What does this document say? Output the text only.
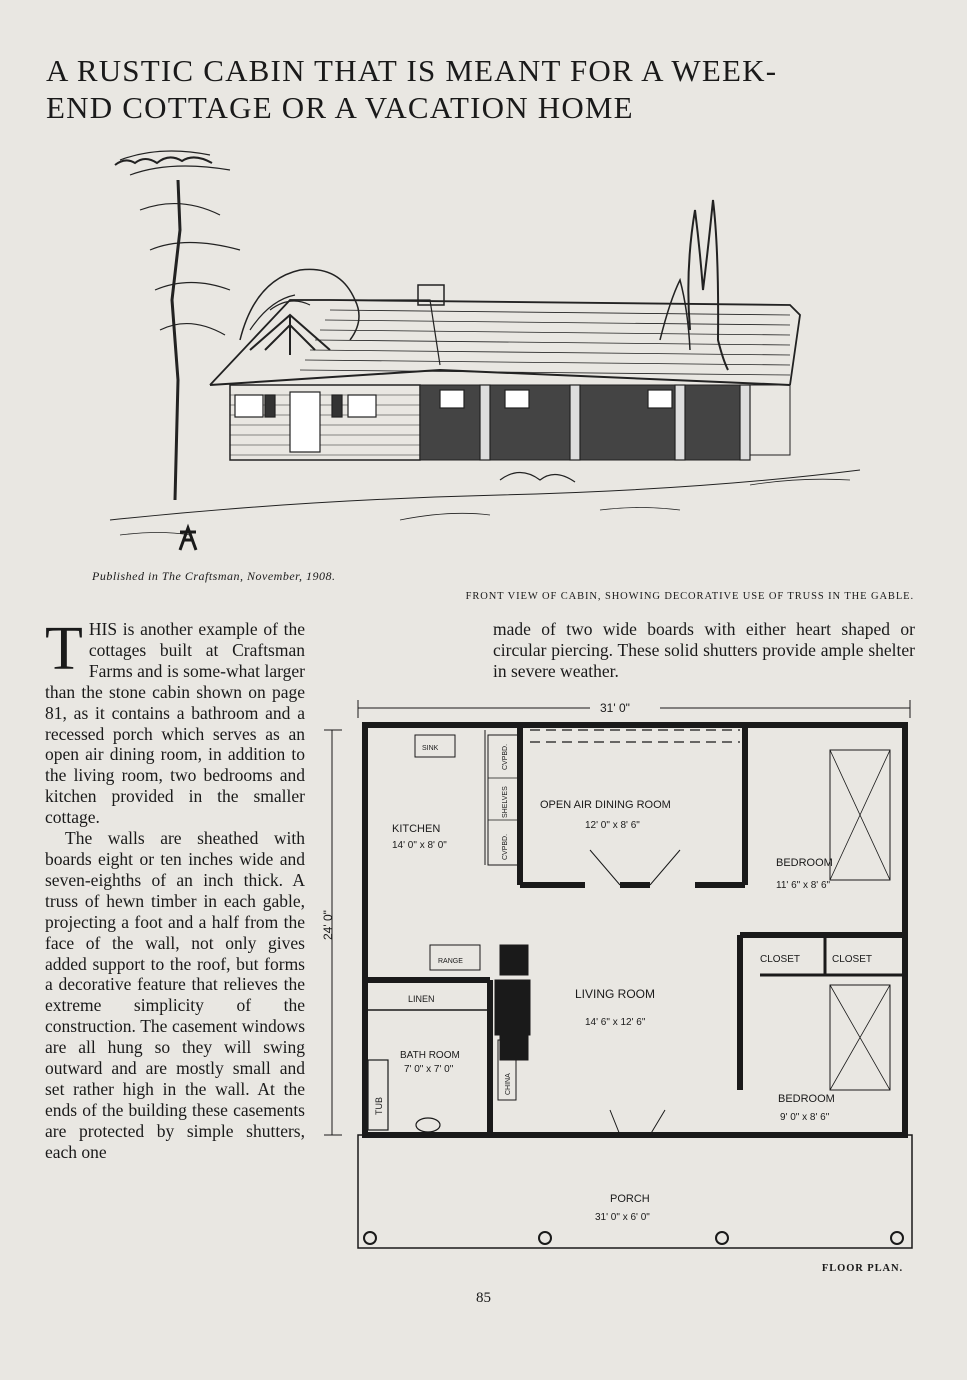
A RUSTIC CABIN THAT IS MEANT FOR A WEEK-
END COTTAGE OR A VACATION HOME
Published in The Craftsman, November, 1908.
FRONT VIEW OF CABIN, SHOWING DECORATIVE USE OF TRUSS IN THE GABLE.

THIS is another example of the cottages built at Craftsman Farms and is some-what larger than the stone cabin shown on page 81, as it contains a bathroom and a recessed porch which serves as an open air dining room, in addition to the living room, two bedrooms and kitchen provided in the smaller cottage.

The walls are sheathed with boards eight or ten inches wide and seven-eighths of an inch thick. A truss of hewn timber in each gable, projecting a foot and a half from the face of the wall, not only gives added support to the roof, but forms a decorative feature that relieves the extreme simplicity of the construction. The casement windows are all hung so they will swing outward and are mostly small and set rather high in the wall. At the ends of the building these casements are protected by simple shutters, each one

made of two wide boards with either heart shaped or circular piercing. These solid shutters provide ample shelter in severe weather.
31' 0"
24' 0"
KITCHEN
14' 0" x 8' 0"
SINK
SHELVES
CVPBD.
CVPBD.
OPEN AIR DINING ROOM
12' 0" x 8' 6"
BEDROOM
11' 6" x 8' 6"
CLOSET	CLOSET
RANGE
LINEN	LIVING ROOM
14' 6" x 12' 6"
BATH ROOM
7' 0" x 7' 0"
CHINA
TUB	BEDROOM
9' 0" x 8' 6"
PORCH
31' 0" x 6' 0"
FLOOR PLAN.
85
